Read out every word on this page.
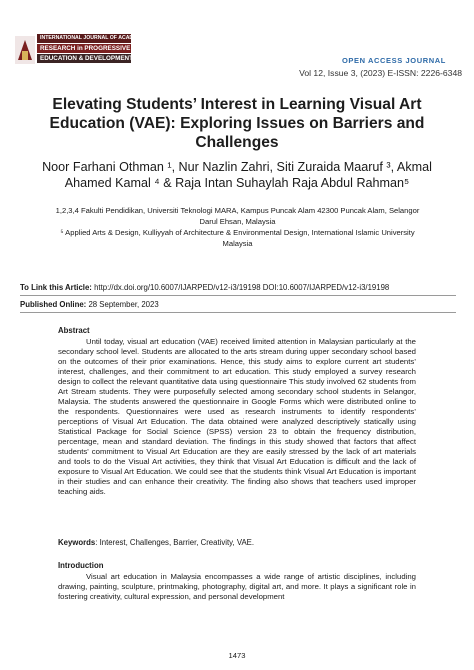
INTERNATIONAL JOURNAL OF ACADEMIC
RESEARCH in PROGRESSIVE
EDUCATION & DEVELOPMENT	OPEN ACCESS JOURNAL
Vol 12, Issue 3, (2023) E-ISSN: 2226-6348
Elevating Students’ Interest in Learning Visual Art Education (VAE): Exploring Issues on Barriers and Challenges
Noor Farhani Othman ¹, Nur Nazlin Zahri, Siti Zuraida Maaruf ³, Akmal Ahamed Kamal ⁴ & Raja Intan Suhaylah Raja Abdul Rahman⁵
1,2,3,4 Fakulti Pendidikan, Universiti Teknologi MARA, Kampus Puncak Alam 42300 Puncak Alam, Selangor Darul Ehsan, Malaysia
⁵ Applied Arts & Design, Kulliyyah of Architecture & Environmental Design, International Islamic University Malaysia
To Link this Article: http://dx.doi.org/10.6007/IJARPED/v12-i3/19198 DOI:10.6007/IJARPED/v12-i3/19198
Published Online: 28 September, 2023
Abstract
Until today, visual art education (VAE) received limited attention in Malaysian particularly at the secondary school level. Students are allocated to the arts stream during upper secondary school based on the outcomes of their prior examinations. Hence, this study aims to explore current art students’ interest, challenges, and their commitment to art education. This study employed a survey research design to collect the relevant quantitative data using questionnaire This study involved 62 students from Art Stream students. They were purposefully selected among secondary school students in Selangor, Malaysia. The students answered the questionnaire in Google Forms which were distributed online to the respondents. Questionnaires were used as research instruments to identify respondents’ perceptions of Visual Art Education. The data obtained were analyzed descriptively statically using Statistical Package for Social Science (SPSS) version 23 to obtain the frequency distribution, percentage, mean and standard deviation. The findings in this study showed that factors that affect students' commitment to Visual Art Education are they are easily stressed by the lack of art materials and tools to do the Visual Art activities, they think that Visual Art Education is difficult and the lack of exposure to Visual Art Education. We could see that the students think Visual Art Education is important in their studies and can enhance their creativity. The finding also shows that teachers used improper teaching aids.
Keywords: Interest, Challenges, Barrier, Creativity, VAE.
Introduction
Visual art education in Malaysia encompasses a wide range of artistic disciplines, including drawing, painting, sculpture, printmaking, photography, digital art, and more. It plays a significant role in fostering creativity, cultural expression, and personal development
1473
